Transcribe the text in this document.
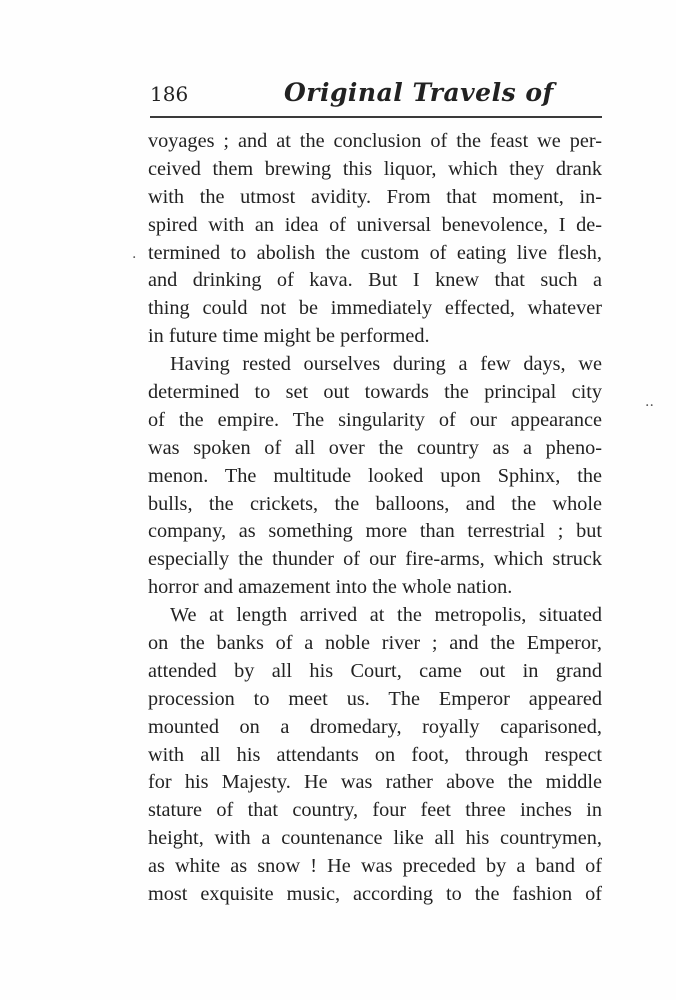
186	Original Travels of
·
··
voyages ; and at the conclusion of the feast we per-
ceived them brewing this liquor, which they drank
with the utmost avidity. From that moment, in-
spired with an idea of universal benevolence, I de-
termined to abolish the custom of eating live flesh,
and drinking of kava. But I knew that such a
thing could not be immediately effected, whatever
in future time might be performed.
Having rested ourselves during a few days, we
determined to set out towards the principal city
of the empire. The singularity of our appearance
was spoken of all over the country as a pheno-
menon. The multitude looked upon Sphinx, the
bulls, the crickets, the balloons, and the whole
company, as something more than terrestrial ; but
especially the thunder of our fire-arms, which struck
horror and amazement into the whole nation.
We at length arrived at the metropolis, situated
on the banks of a noble river ; and the Emperor,
attended by all his Court, came out in grand
procession to meet us. The Emperor appeared
mounted on a dromedary, royally caparisoned,
with all his attendants on foot, through respect
for his Majesty. He was rather above the middle
stature of that country, four feet three inches in
height, with a countenance like all his countrymen,
as white as snow ! He was preceded by a band of
most exquisite music, according to the fashion of
